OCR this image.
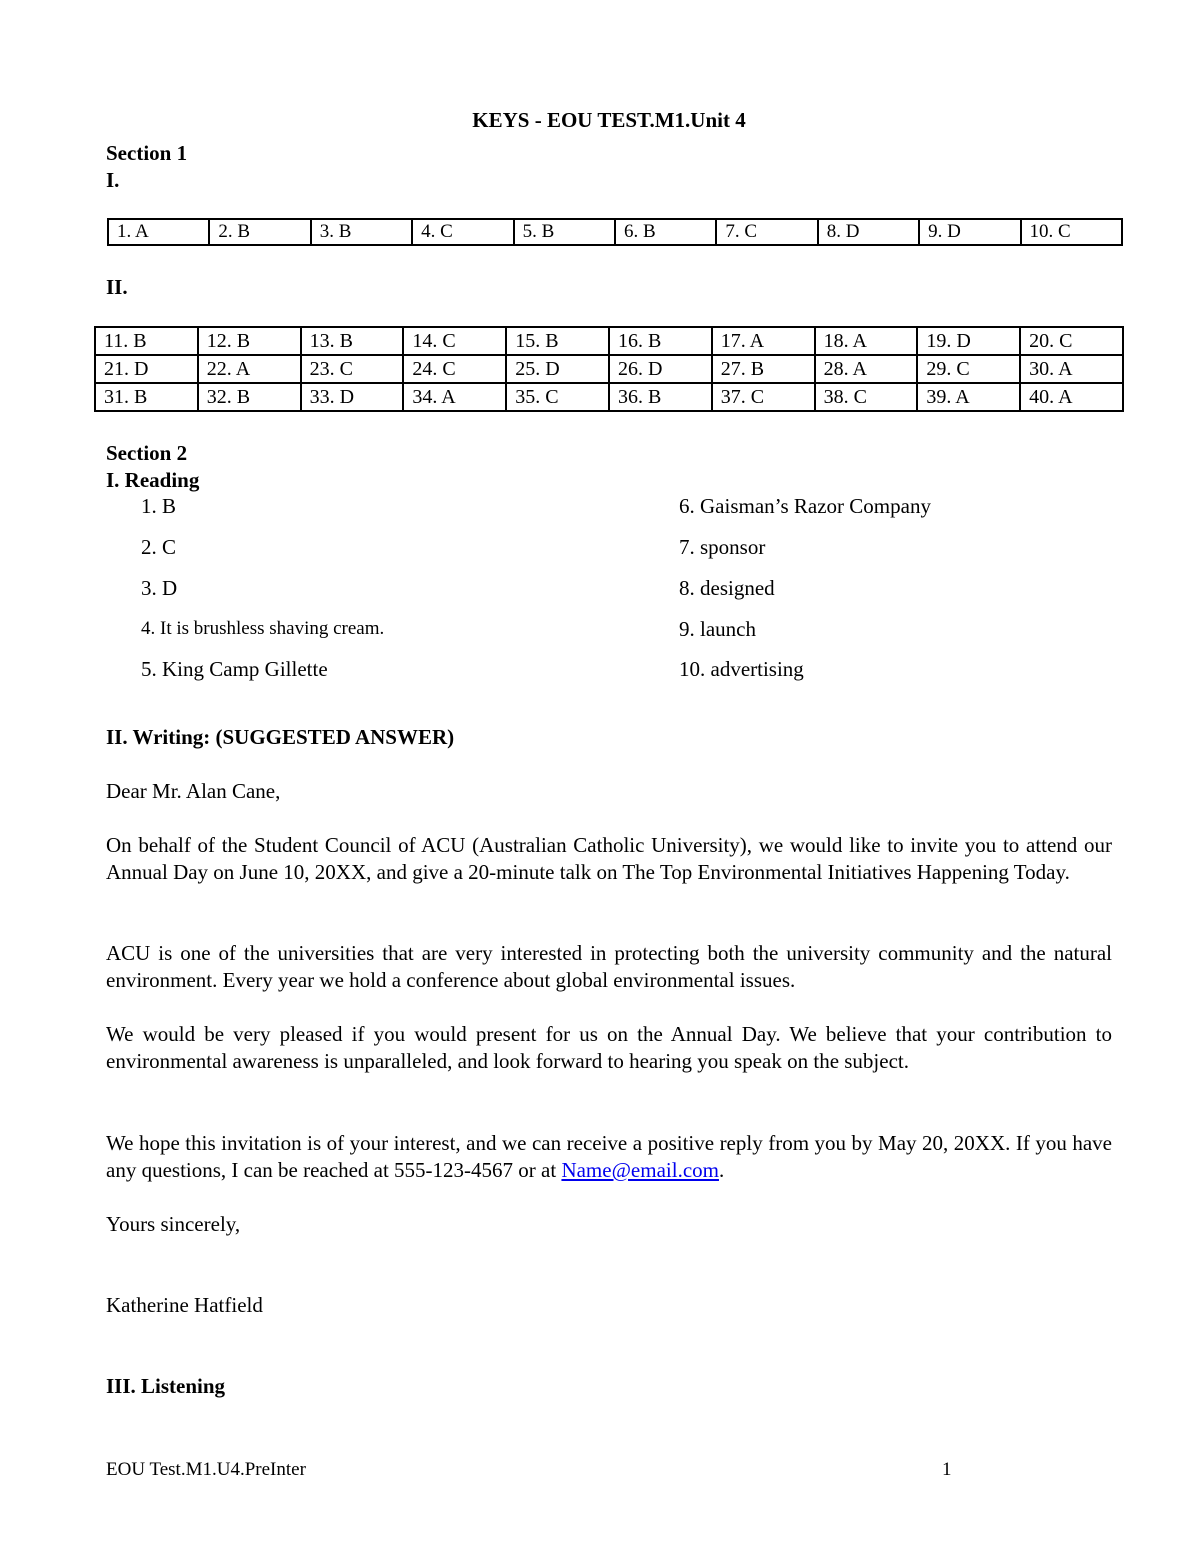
KEYS - EOU TEST.M1.Unit 4
Section 1
I.
1. A	2. B	3. B	4. C	5. B	6. B	7. C	8. D	9. D	10. C
II.
11. B	12. B	13. B	14. C	15. B	16. B	17. A	18. A	19. D	20. C
21. D	22. A	23. C	24. C	25. D	26. D	27. B	28. A	29. C	30. A
31. B	32. B	33. D	34. A	35. C	36. B	37. C	38. C	39. A	40. A
Section 2
I. Reading
1. B
2. C
3. D
4. It is brushless shaving cream.
5. King Camp Gillette
6. Gaisman’s Razor Company
7. sponsor
8. designed
9. launch
10. advertising
II. Writing: (SUGGESTED ANSWER)
Dear Mr. Alan Cane,
On behalf of the Student Council of ACU (Australian Catholic University), we would like to invite you to attend our Annual Day on June 10, 20XX, and give a 20-minute talk on The Top Environmental Initiatives Happening Today.
ACU is one of the universities that are very interested in protecting both the university community and the natural environment. Every year we hold a conference about global environmental issues.
We would be very pleased if you would present for us on the Annual Day. We believe that your contribution to environmental awareness is unparalleled, and look forward to hearing you speak on the subject.
We hope this invitation is of your interest, and we can receive a positive reply from you by May 20, 20XX. If you have any questions, I can be reached at 555-123-4567 or at Name@email.com.
Yours sincerely,
Katherine Hatfield
III. Listening
EOU Test.M1.U4.PreInter	1
